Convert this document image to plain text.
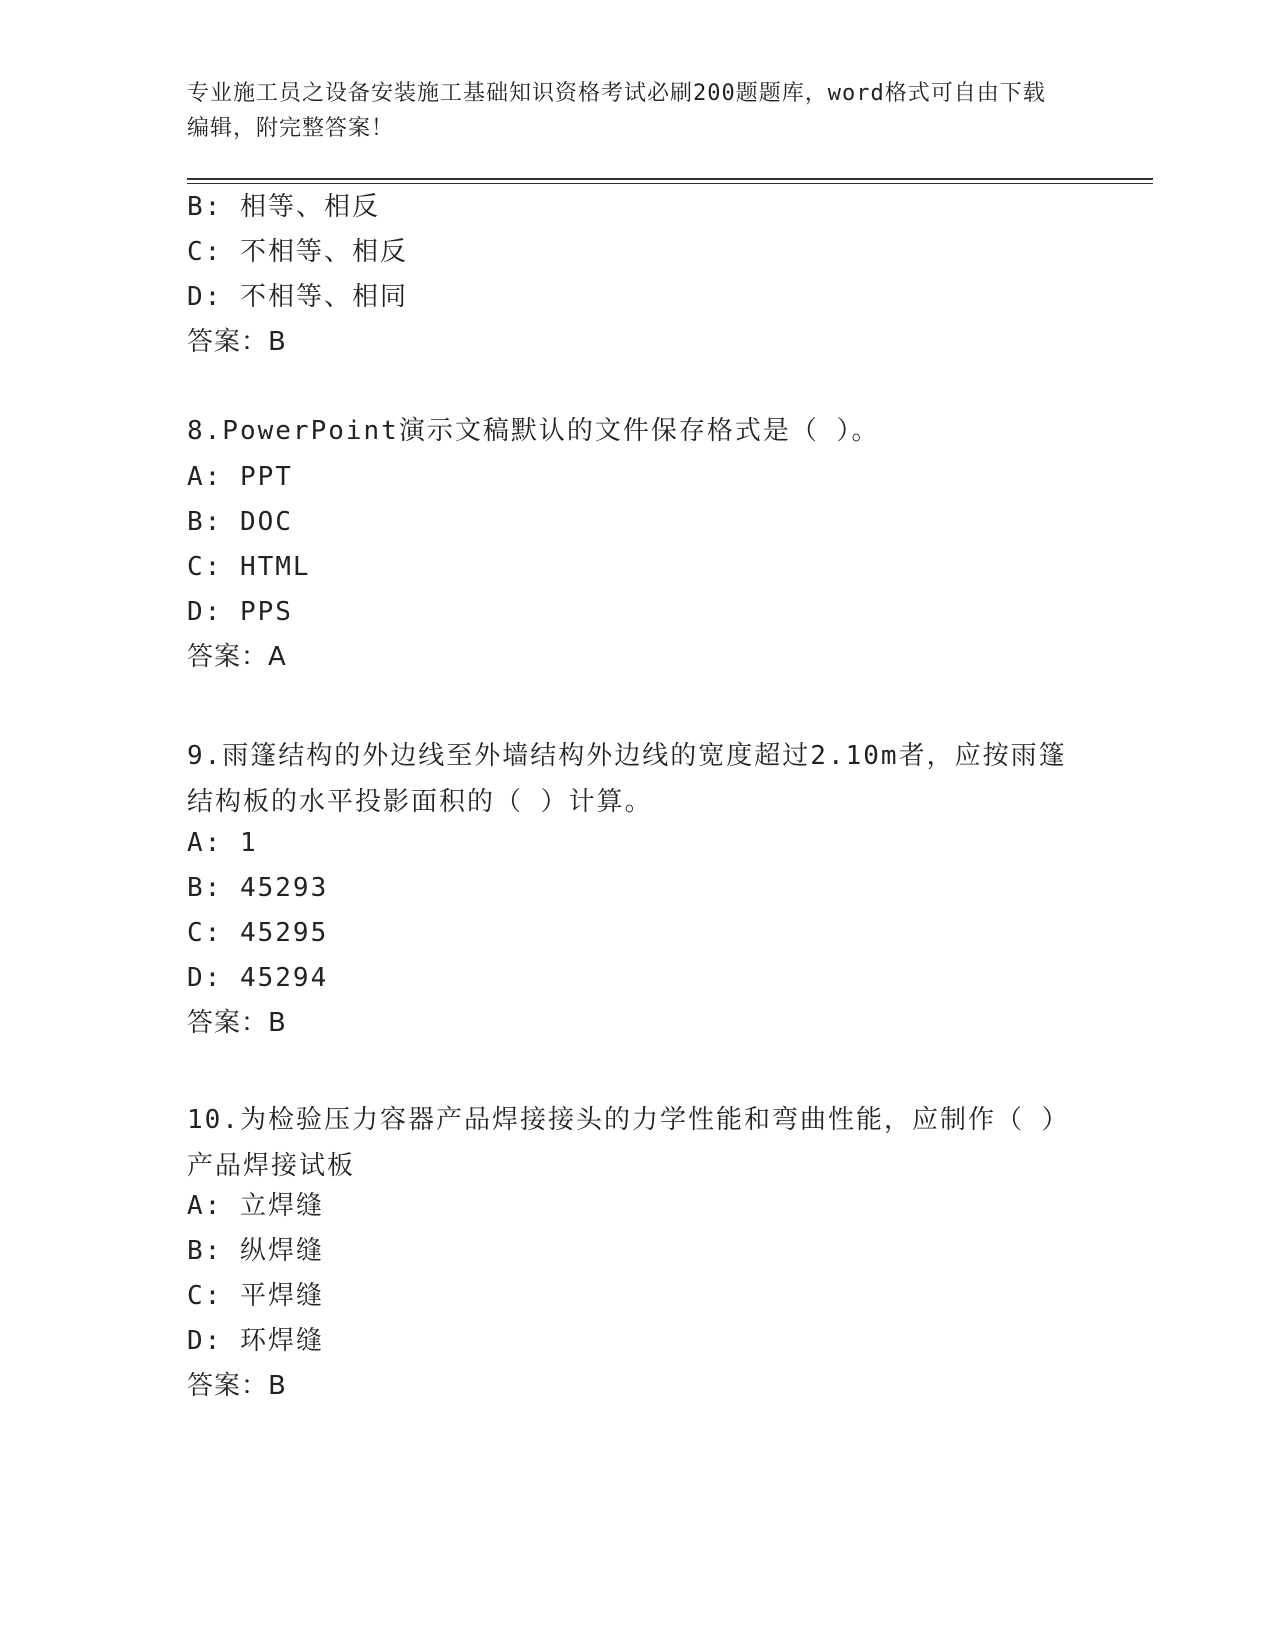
专业施工员之设备安装施工基础知识资格考试必刷200题题库，word格式可自由下载编辑，附完整答案！
B: 相等、相反
C: 不相等、相反
D: 不相等、相同
答案：B
8.PowerPoint演示文稿默认的文件保存格式是（ ）。
A: PPT
B: DOC
C: HTML
D: PPS
答案：A
9.雨篷结构的外边线至外墙结构外边线的宽度超过2.10m者，应按雨篷结构板的水平投影面积的（ ）计算。
A: 1
B: 45293
C: 45295
D: 45294
答案：B
10.为检验压力容器产品焊接接头的力学性能和弯曲性能，应制作（ ）产品焊接试板
A: 立焊缝
B: 纵焊缝
C: 平焊缝
D: 环焊缝
答案：B
